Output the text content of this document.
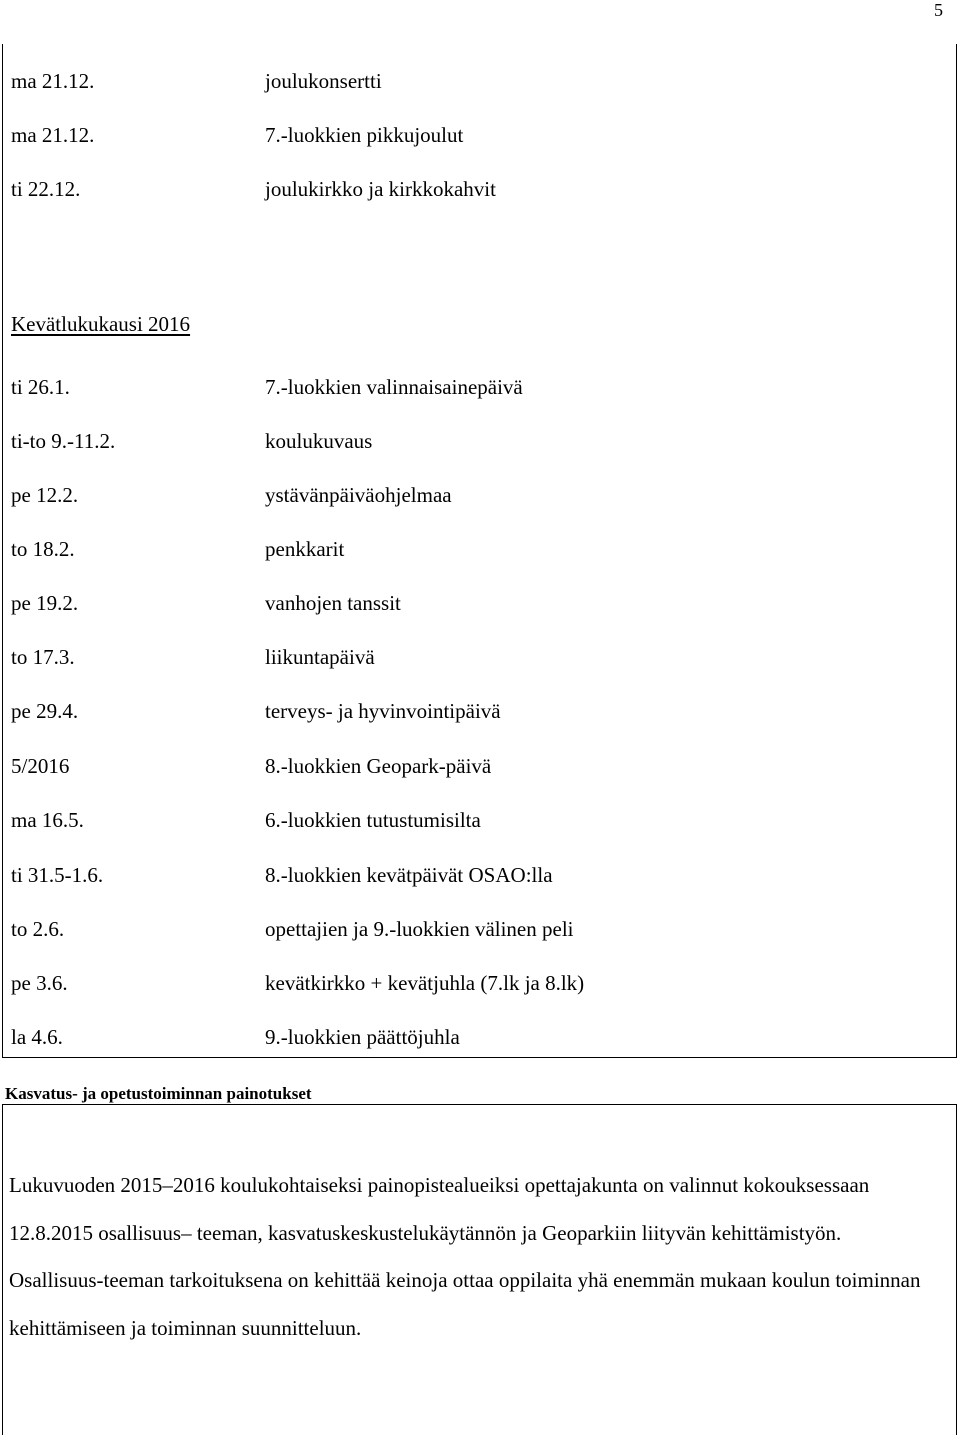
5
ma 21.12.	joulukonsertti
ma 21.12.	7.-luokkien pikkujoulut
ti 22.12.	joulukirkko ja kirkkokahvit
Kevätlukukausi 2016
ti 26.1.	7.-luokkien valinnaisainepäivä
ti-to 9.-11.2.	koulukuvaus
pe 12.2.	ystävänpäiväohjelmaa
to 18.2.	penkkarit
pe 19.2.	vanhojen tanssit
to 17.3.	liikuntapäivä
pe 29.4.	terveys- ja hyvinvointipäivä
5/2016	8.-luokkien Geopark-päivä
ma 16.5.	6.-luokkien tutustumisilta
ti 31.5-1.6.	8.-luokkien kevätpäivät OSAO:lla
to 2.6.	opettajien ja 9.-luokkien välinen peli
pe 3.6.	kevätkirkko + kevätjuhla (7.lk ja 8.lk)
la 4.6.	9.-luokkien päättöjuhla
Kasvatus- ja opetustoiminnan painotukset
Lukuvuoden 2015–2016 koulukohtaiseksi painopistealueiksi opettajakunta on valinnut kokouksessaan 12.8.2015 osallisuus– teeman, kasvatuskeskustelukäytännön ja Geoparkiin liityvän kehittämistyön. Osallisuus-teeman tarkoituksena on kehittää keinoja ottaa oppilaita yhä enemmän mukaan koulun toiminnan kehittämiseen ja toiminnan suunnitteluun.
